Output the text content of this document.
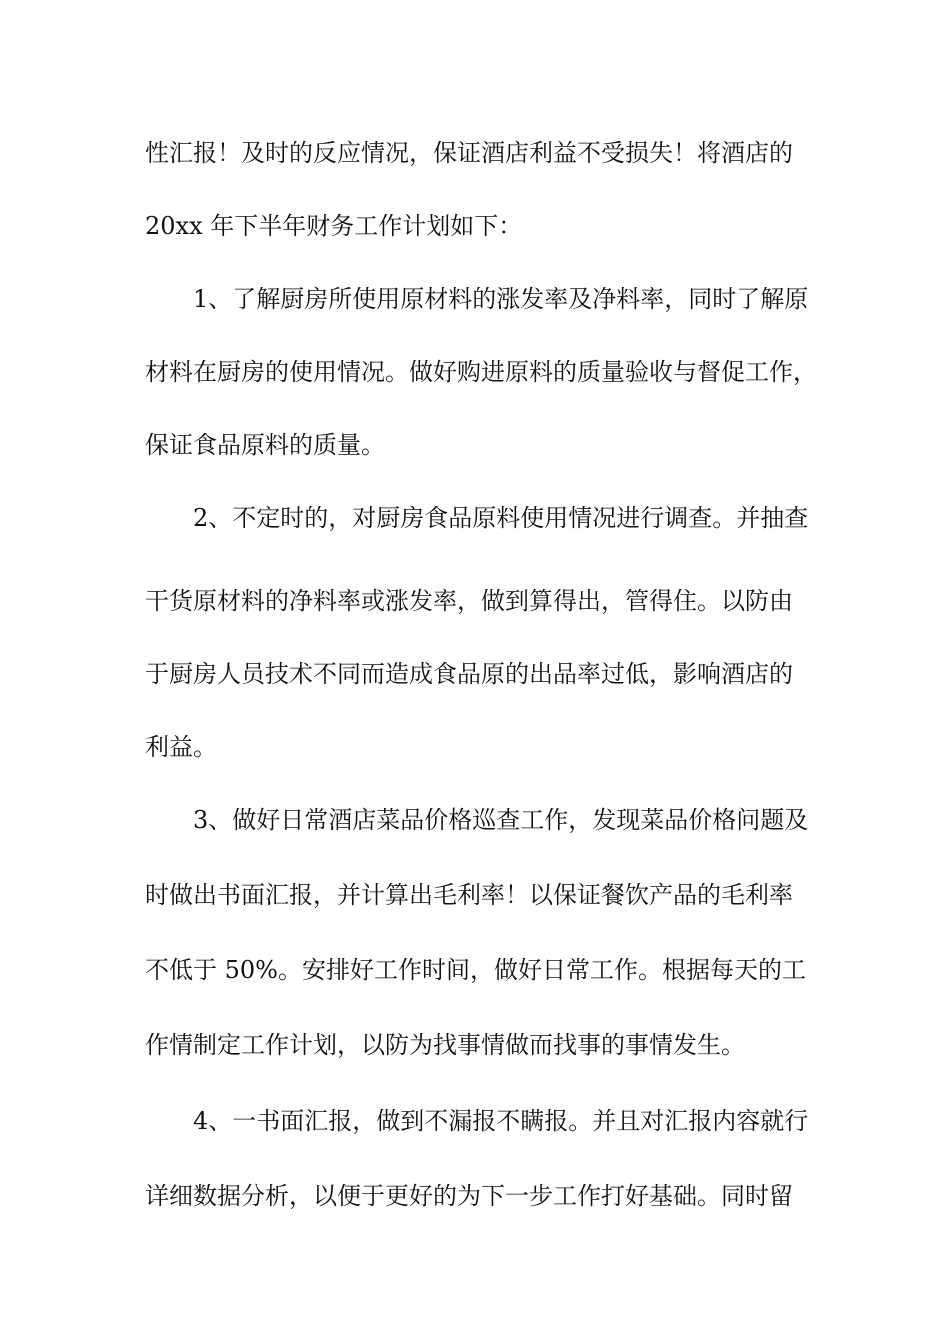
性汇报！及时的反应情况，保证酒店利益不受损失！将酒店的

20xx 年下半年财务工作计划如下：

1、了解厨房所使用原材料的涨发率及净料率，同时了解原

材料在厨房的使用情况。做好购进原料的质量验收与督促工作，

保证食品原料的质量。

2、不定时的，对厨房食品原料使用情况进行调查。并抽查

干货原材料的净料率或涨发率，做到算得出，管得住。以防由

于厨房人员技术不同而造成食品原的出品率过低，影响酒店的

利益。

3、做好日常酒店菜品价格巡查工作，发现菜品价格问题及

时做出书面汇报，并计算出毛利率！以保证餐饮产品的毛利率

不低于 50%。安排好工作时间，做好日常工作。根据每天的工

作情制定工作计划，以防为找事情做而找事的事情发生。

4、一书面汇报，做到不漏报不瞒报。并且对汇报内容就行

详细数据分析，以便于更好的为下一步工作打好基础。同时留
